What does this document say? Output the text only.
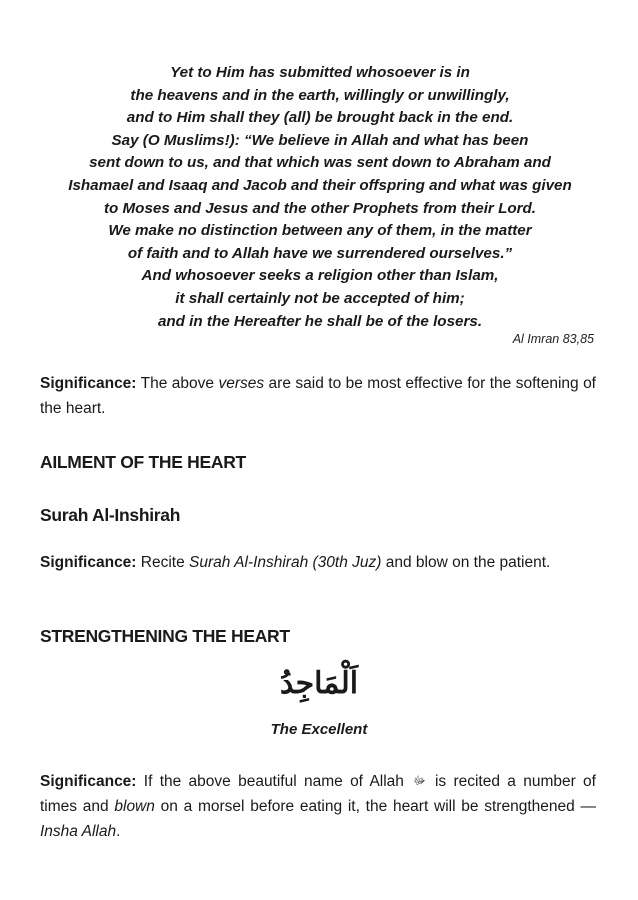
Yet to Him has submitted whosoever is in
the heavens and in the earth, willingly or unwillingly,
and to Him shall they (all) be brought back in the end.
Say (O Muslims!): “We believe in Allah and what has been
sent down to us, and that which was sent down to Abraham and
Ishamael and Isaaq and Jacob and their offspring and what was given
to Moses and Jesus and the other Prophets from their Lord.
We make no distinction between any of them, in the matter
of faith and to Allah have we surrendered ourselves.”
And whosoever seeks a religion other than Islam,
it shall certainly not be accepted of him;
and in the Hereafter he shall be of the losers.
Al Imran 83,85
Significance: The above verses are said to be most effective for the softening of the heart.
AILMENT OF THE HEART
Surah Al-Inshirah
Significance: Recite Surah Al-Inshirah (30th Juz) and blow on the patient.
STRENGTHENING THE HEART
اَلْمَاجِدُ
The Excellent
Significance: If the above beautiful name of Allah ﷻ is recited a number of times and blown on a morsel before eating it, the heart will be strengthened — Insha Allah.
